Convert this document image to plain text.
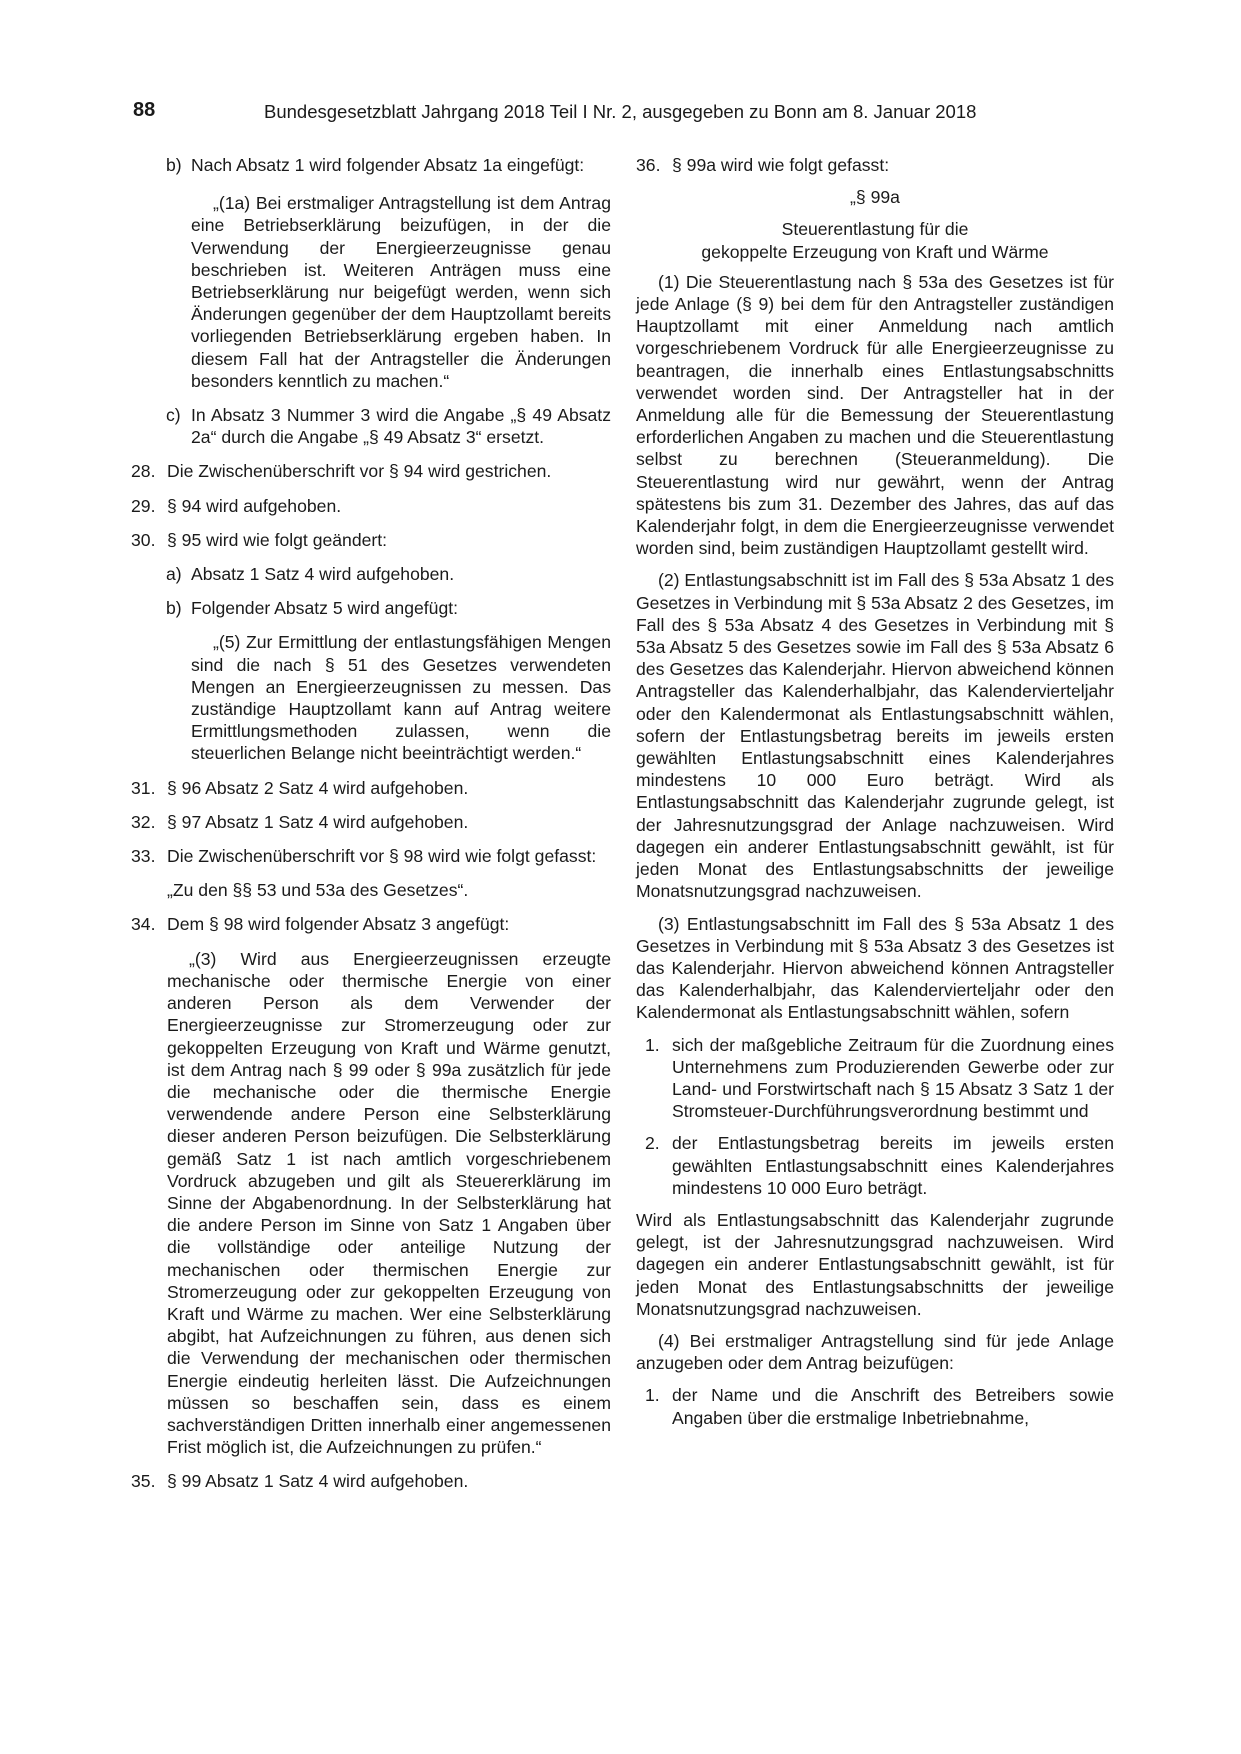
88	Bundesgesetzblatt Jahrgang 2018 Teil I Nr. 2, ausgegeben zu Bonn am 8. Januar 2018

b) Nach Absatz 1 wird folgender Absatz 1a eingefügt:

„(1a) Bei erstmaliger Antragstellung ist dem Antrag eine Betriebserklärung beizufügen, in der die Verwendung der Energieerzeugnisse genau beschrieben ist. Weiteren Anträgen muss eine Betriebserklärung nur beigefügt werden, wenn sich Änderungen gegenüber der dem Hauptzollamt bereits vorliegenden Betriebserklärung ergeben haben. In diesem Fall hat der Antragsteller die Änderungen besonders kenntlich zu machen.“

c) In Absatz 3 Nummer 3 wird die Angabe „§ 49 Absatz 2a“ durch die Angabe „§ 49 Absatz 3“ ersetzt.

28. Die Zwischenüberschrift vor § 94 wird gestrichen.

29. § 94 wird aufgehoben.

30. § 95 wird wie folgt geändert:

a) Absatz 1 Satz 4 wird aufgehoben.

b) Folgender Absatz 5 wird angefügt:

„(5) Zur Ermittlung der entlastungsfähigen Mengen sind die nach § 51 des Gesetzes verwendeten Mengen an Energieerzeugnissen zu messen. Das zuständige Hauptzollamt kann auf Antrag weitere Ermittlungsmethoden zulassen, wenn die steuerlichen Belange nicht beeinträchtigt werden.“

31. § 96 Absatz 2 Satz 4 wird aufgehoben.

32. § 97 Absatz 1 Satz 4 wird aufgehoben.

33. Die Zwischenüberschrift vor § 98 wird wie folgt gefasst:

„Zu den §§ 53 und 53a des Gesetzes“.

34. Dem § 98 wird folgender Absatz 3 angefügt:

„(3) Wird aus Energieerzeugnissen erzeugte mechanische oder thermische Energie von einer anderen Person als dem Verwender der Energieerzeugnisse zur Stromerzeugung oder zur gekoppelten Erzeugung von Kraft und Wärme genutzt, ist dem Antrag nach § 99 oder § 99a zusätzlich für jede die mechanische oder die thermische Energie verwendende andere Person eine Selbsterklärung dieser anderen Person beizufügen. Die Selbsterklärung gemäß Satz 1 ist nach amtlich vorgeschriebenem Vordruck abzugeben und gilt als Steuererklärung im Sinne der Abgabenordnung. In der Selbsterklärung hat die andere Person im Sinne von Satz 1 Angaben über die vollständige oder anteilige Nutzung der mechanischen oder thermischen Energie zur Stromerzeugung oder zur gekoppelten Erzeugung von Kraft und Wärme zu machen. Wer eine Selbsterklärung abgibt, hat Aufzeichnungen zu führen, aus denen sich die Verwendung der mechanischen oder thermischen Energie eindeutig herleiten lässt. Die Aufzeichnungen müssen so beschaffen sein, dass es einem sachverständigen Dritten innerhalb einer angemessenen Frist möglich ist, die Aufzeichnungen zu prüfen.“

35. § 99 Absatz 1 Satz 4 wird aufgehoben.

36. § 99a wird wie folgt gefasst:

„§ 99a

Steuerentlastung für die

gekoppelte Erzeugung von Kraft und Wärme

(1) Die Steuerentlastung nach § 53a des Gesetzes ist für jede Anlage (§ 9) bei dem für den Antragsteller zuständigen Hauptzollamt mit einer Anmeldung nach amtlich vorgeschriebenem Vordruck für alle Energieerzeugnisse zu beantragen, die innerhalb eines Entlastungsabschnitts verwendet worden sind. Der Antragsteller hat in der Anmeldung alle für die Bemessung der Steuerentlastung erforderlichen Angaben zu machen und die Steuerentlastung selbst zu berechnen (Steueranmeldung). Die Steuerentlastung wird nur gewährt, wenn der Antrag spätestens bis zum 31. Dezember des Jahres, das auf das Kalenderjahr folgt, in dem die Energieerzeugnisse verwendet worden sind, beim zuständigen Hauptzollamt gestellt wird.

(2) Entlastungsabschnitt ist im Fall des § 53a Absatz 1 des Gesetzes in Verbindung mit § 53a Absatz 2 des Gesetzes, im Fall des § 53a Absatz 4 des Gesetzes in Verbindung mit § 53a Absatz 5 des Gesetzes sowie im Fall des § 53a Absatz 6 des Gesetzes das Kalenderjahr. Hiervon abweichend können Antragsteller das Kalenderhalbjahr, das Kalendervierteljahr oder den Kalendermonat als Entlastungsabschnitt wählen, sofern der Entlastungsbetrag bereits im jeweils ersten gewählten Entlastungsabschnitt eines Kalenderjahres mindestens 10 000 Euro beträgt. Wird als Entlastungsabschnitt das Kalenderjahr zugrunde gelegt, ist der Jahresnutzungsgrad der Anlage nachzuweisen. Wird dagegen ein anderer Entlastungsabschnitt gewählt, ist für jeden Monat des Entlastungsabschnitts der jeweilige Monatsnutzungsgrad nachzuweisen.

(3) Entlastungsabschnitt im Fall des § 53a Absatz 1 des Gesetzes in Verbindung mit § 53a Absatz 3 des Gesetzes ist das Kalenderjahr. Hiervon abweichend können Antragsteller das Kalenderhalbjahr, das Kalendervierteljahr oder den Kalendermonat als Entlastungsabschnitt wählen, sofern

1. sich der maßgebliche Zeitraum für die Zuordnung eines Unternehmens zum Produzierenden Gewerbe oder zur Land- und Forstwirtschaft nach § 15 Absatz 3 Satz 1 der Stromsteuer-Durchführungsverordnung bestimmt und

2. der Entlastungsbetrag bereits im jeweils ersten gewählten Entlastungsabschnitt eines Kalenderjahres mindestens 10 000 Euro beträgt.

Wird als Entlastungsabschnitt das Kalenderjahr zugrunde gelegt, ist der Jahresnutzungsgrad nachzuweisen. Wird dagegen ein anderer Entlastungsabschnitt gewählt, ist für jeden Monat des Entlastungsabschnitts der jeweilige Monatsnutzungsgrad nachzuweisen.

(4) Bei erstmaliger Antragstellung sind für jede Anlage anzugeben oder dem Antrag beizufügen:

1. der Name und die Anschrift des Betreibers sowie Angaben über die erstmalige Inbetriebnahme,
